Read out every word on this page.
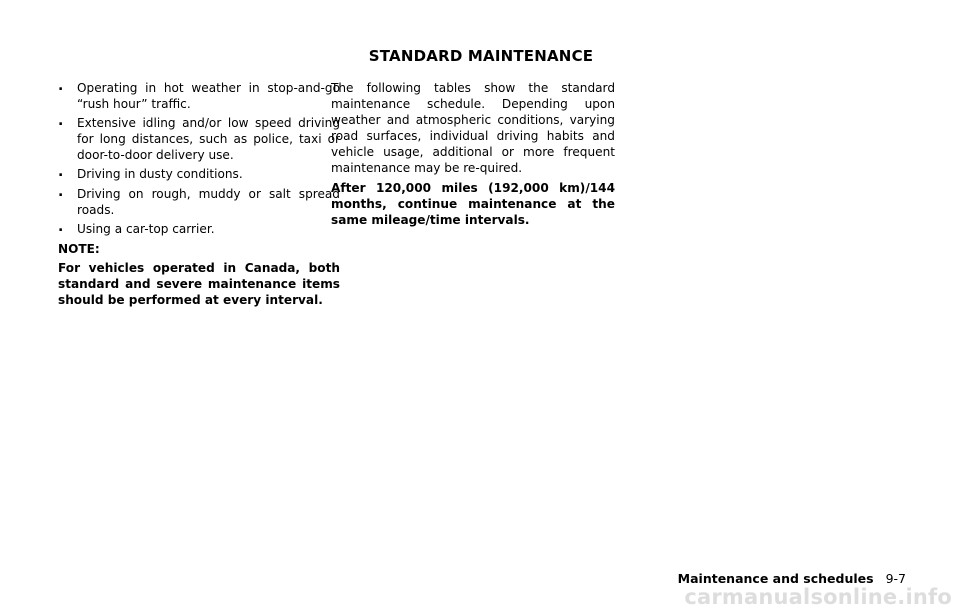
STANDARD MAINTENANCE
. Operating in hot weather in stop-and-go “rush hour” traffic.
. Extensive idling and/or low speed driving for long distances, such as police, taxi or door-to-door delivery use.
. Driving in dusty conditions.
. Driving on rough, muddy or salt spread roads.
. Using a car-top carrier.

NOTE:

For vehicles operated in Canada, both standard and severe maintenance items should be performed at every interval.

The following tables show the standard maintenance schedule. Depending upon weather and atmospheric conditions, varying road surfaces, individual driving habits and vehicle usage, additional or more frequent maintenance may be re-quired.

After 120,000 miles (192,000 km)/144 months, continue maintenance at the same mileage/time intervals.

Maintenance and schedules 9-7
carmanualsonline.info
